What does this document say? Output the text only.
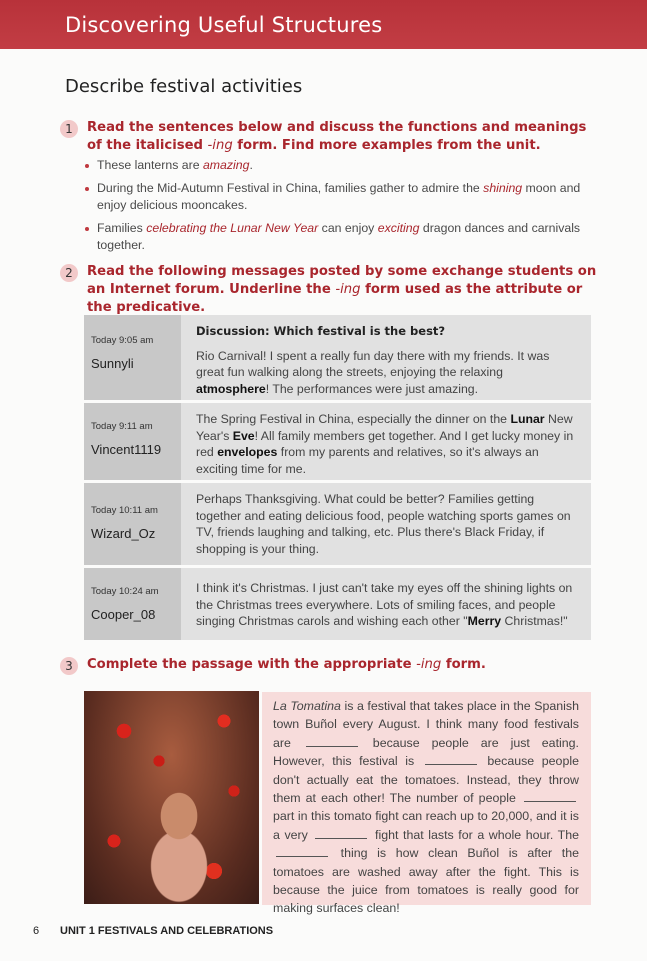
Discovering Useful Structures
Describe festival activities
1	Read the sentences below and discuss the functions and meanings of the italicised -ing form. Find more examples from the unit.
These lanterns are amazing.
During the Mid-Autumn Festival in China, families gather to admire the shining moon and enjoy delicious mooncakes.
Families celebrating the Lunar New Year can enjoy exciting dragon dances and carnivals together.
2	Read the following messages posted by some exchange students on an Internet forum. Underline the -ing form used as the attribute or the predicative.
Today 9:05 am
Sunnyli
Discussion: Which festival is the best?
Rio Carnival! I spent a really fun day there with my friends. It was great fun walking along the streets, enjoying the relaxing atmosphere! The performances were just amazing.
Today 9:11 am
Vincent1119
The Spring Festival in China, especially the dinner on the Lunar New Year's Eve! All family members get together. And I get lucky money in red envelopes from my parents and relatives, so it's always an exciting time for me.
Today 10:11 am
Wizard_Oz
Perhaps Thanksgiving. What could be better? Families getting together and eating delicious food, people watching sports games on TV, friends laughing and talking, etc. Plus there's Black Friday, if shopping is your thing.
Today 10:24 am
Cooper_08
I think it's Christmas. I just can't take my eyes off the shining lights on the Christmas trees everywhere. Lots of smiling faces, and people singing Christmas carols and wishing each other "Merry Christmas!"
3	Complete the passage with the appropriate -ing form.
La Tomatina is a festival that takes place in the Spanish town Buñol every August. I think many food festivals are	because people are just eating. However, this festival is	because people don't actually eat the tomatoes. Instead, they throw them at each other! The number of people  part in this tomato fight can reach up to 20,000, and it is a very	fight that lasts for a whole hour. The  thing is how clean Buñol is after the tomatoes are washed away after the fight. This is because the juice from tomatoes is really good for making surfaces clean!
6 UNIT 1 FESTIVALS AND CELEBRATIONS
